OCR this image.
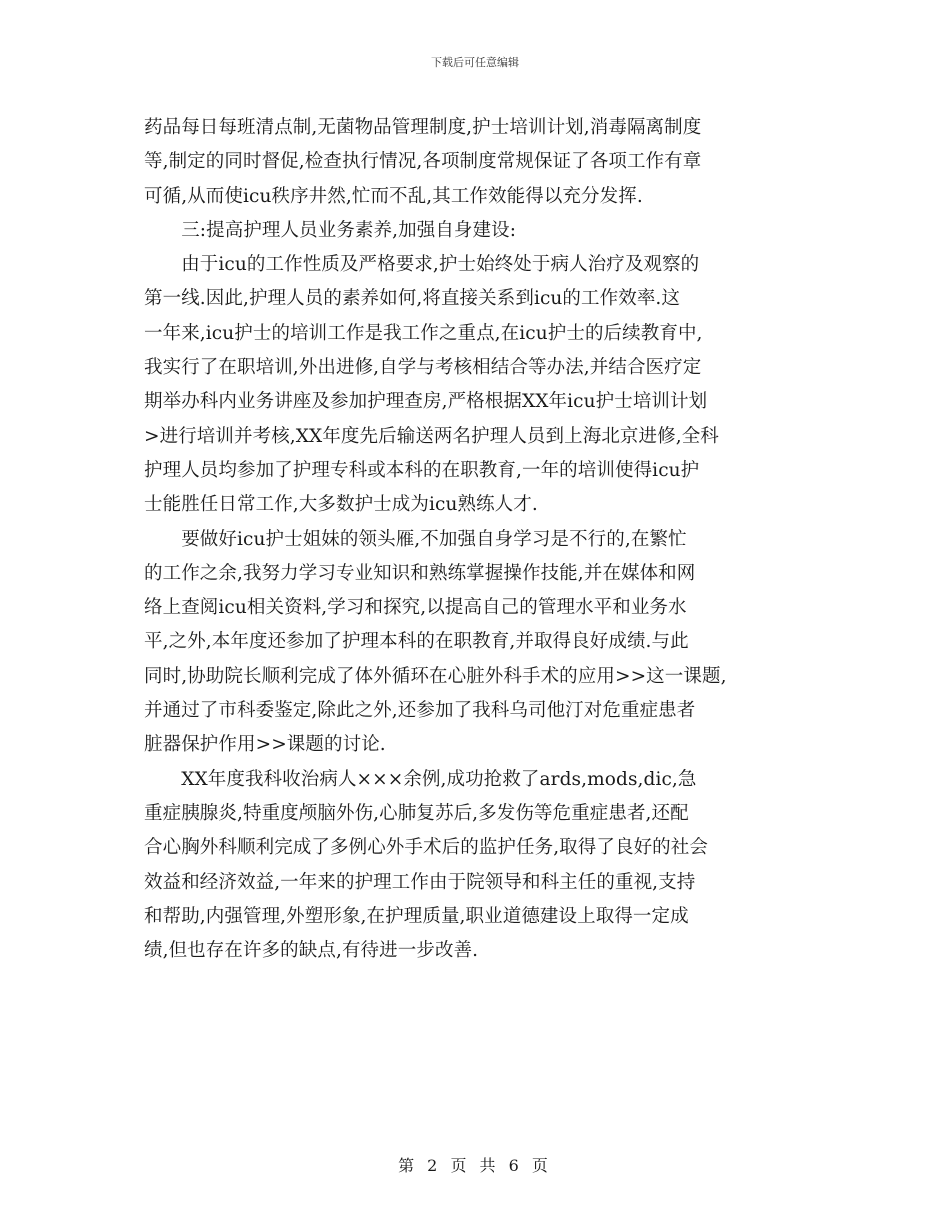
下载后可任意编辑
药品每日每班清点制,无菌物品管理制度,护士培训计划,消毒隔离制度
等,制定的同时督促,检查执行情况,各项制度常规保证了各项工作有章
可循,从而使icu秩序井然,忙而不乱,其工作效能得以充分发挥.
　　三:提高护理人员业务素养,加强自身建设:
　　由于icu的工作性质及严格要求,护士始终处于病人治疗及观察的
第一线.因此,护理人员的素养如何,将直接关系到icu的工作效率.这
一年来,icu护士的培训工作是我工作之重点,在icu护士的后续教育中,
我实行了在职培训,外出进修,自学与考核相结合等办法,并结合医疗定
期举办科内业务讲座及参加护理查房,严格根据XX年icu护士培训计划
>进行培训并考核,XX年度先后输送两名护理人员到上海北京进修,全科
护理人员均参加了护理专科或本科的在职教育,一年的培训使得icu护
士能胜任日常工作,大多数护士成为icu熟练人才.
　　要做好icu护士姐妹的领头雁,不加强自身学习是不行的,在繁忙
的工作之余,我努力学习专业知识和熟练掌握操作技能,并在媒体和网
络上查阅icu相关资料,学习和探究,以提高自己的管理水平和业务水
平,之外,本年度还参加了护理本科的在职教育,并取得良好成绩.与此
同时,协助院长顺利完成了体外循环在心脏外科手术的应用>>这一课题,
并通过了市科委鉴定,除此之外,还参加了我科乌司他汀对危重症患者
脏器保护作用>>课题的讨论.
　　XX年度我科收治病人×××余例,成功抢救了ards,mods,dic,急
重症胰腺炎,特重度颅脑外伤,心肺复苏后,多发伤等危重症患者,还配
合心胸外科顺利完成了多例心外手术后的监护任务,取得了良好的社会
效益和经济效益,一年来的护理工作由于院领导和科主任的重视,支持
和帮助,内强管理,外塑形象,在护理质量,职业道德建设上取得一定成
绩,但也存在许多的缺点,有待进一步改善.
第 2 页 共 6 页
